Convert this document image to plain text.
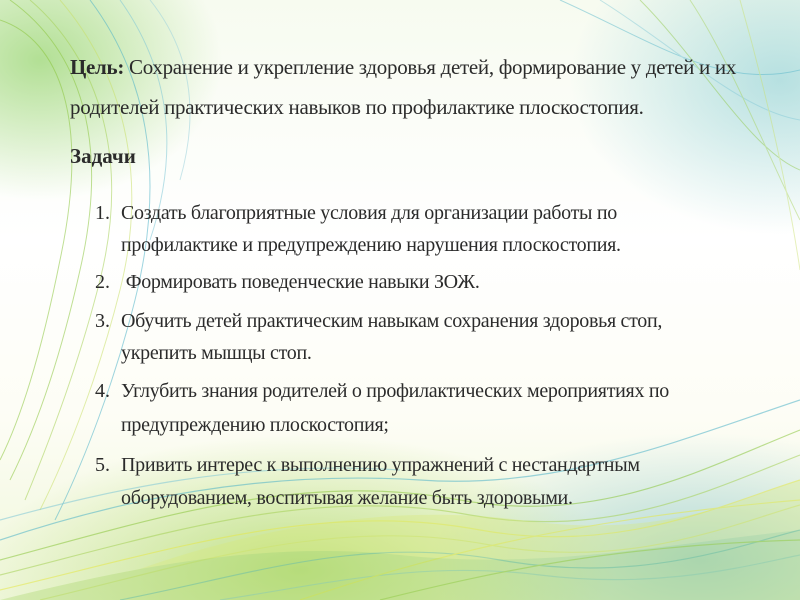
Цель: Сохранение и укрепление здоровья детей, формирование у детей и их
родителей практических навыков по профилактике плоскостопия.
Задачи
1. Создать благоприятные условия для организации работы по
профилактике и предупреждению нарушения плоскостопия.
2. Формировать поведенческие навыки ЗОЖ.
3. Обучить детей практическим навыкам сохранения здоровья стоп,
укрепить мышцы стоп.
4. Углубить знания родителей о профилактических мероприятиях по
предупреждению плоскостопия;
5. Привить интерес к выполнению упражнений с нестандартным
оборудованием, воспитывая желание быть здоровыми.
